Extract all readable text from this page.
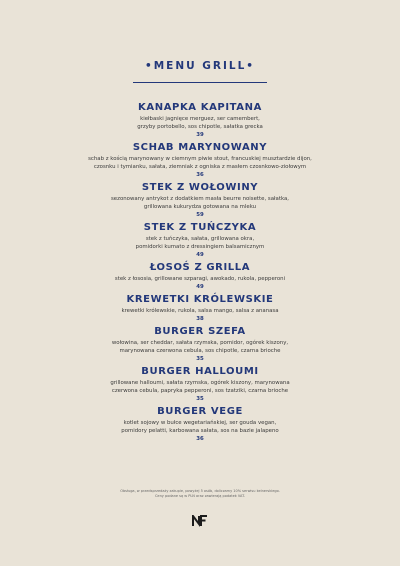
•MENU GRILL•
KANAPKA KAPITANA
kiełbaski jagnięce merguez, ser camembert,
grzyby portobello, sos chipotle, sałatka grecka
39
SCHAB MARYNOWANY
schab z kością marynowany w ciemnym piwie stout, francuskiej musztardzie dijon,
czosnku i tymianku, sałata, ziemniak z ogniska z masłem czosnkowo-ziołowym
36
STEK Z WOŁOWINY
sezonowany antrykot z dodatkiem masła beurre noisette, sałatka,
grillowana kukurydza gotowana na mleku
59
STEK Z TUŃCZYKA
stek z tuńczyka, sałata, grillowana okra,
pomidorki kumato z dressingiem balsamicznym
49
ŁOSOŚ Z GRILLA
stek z łososia, grillowane szparagi, awokado, rukola, pepperoni
49
KREWETKI KRÓLEWSKIE
krewetki królewskie, rukola, salsa mango, salsa z ananasa
38
BURGER SZEFA
wołowina, ser cheddar, sałata rzymska, pomidor, ogórek kiszony,
marynowana czerwona cebula, sos chipotle, czarna brioche
35
BURGER HALLOUMI
grillowane halloumi, sałata rzymska, ogórek kiszony, marynowana
czerwona cebula, papryka pepperoni, sos tzatziki, czarna brioche
35
BURGER VEGE
kotlet sojowy w bułce wegetariańskiej, ser gouda vegan,
pomidory pelatti, karbowana sałata, sos na bazie jalapeno
36
Obsługa, w przedsprzedaży zakupie, powyżej 5 osób, doliczamy 10% serwisu kelnerskiego.
Ceny podane są w PLN oraz zawierają podatek VAT.
